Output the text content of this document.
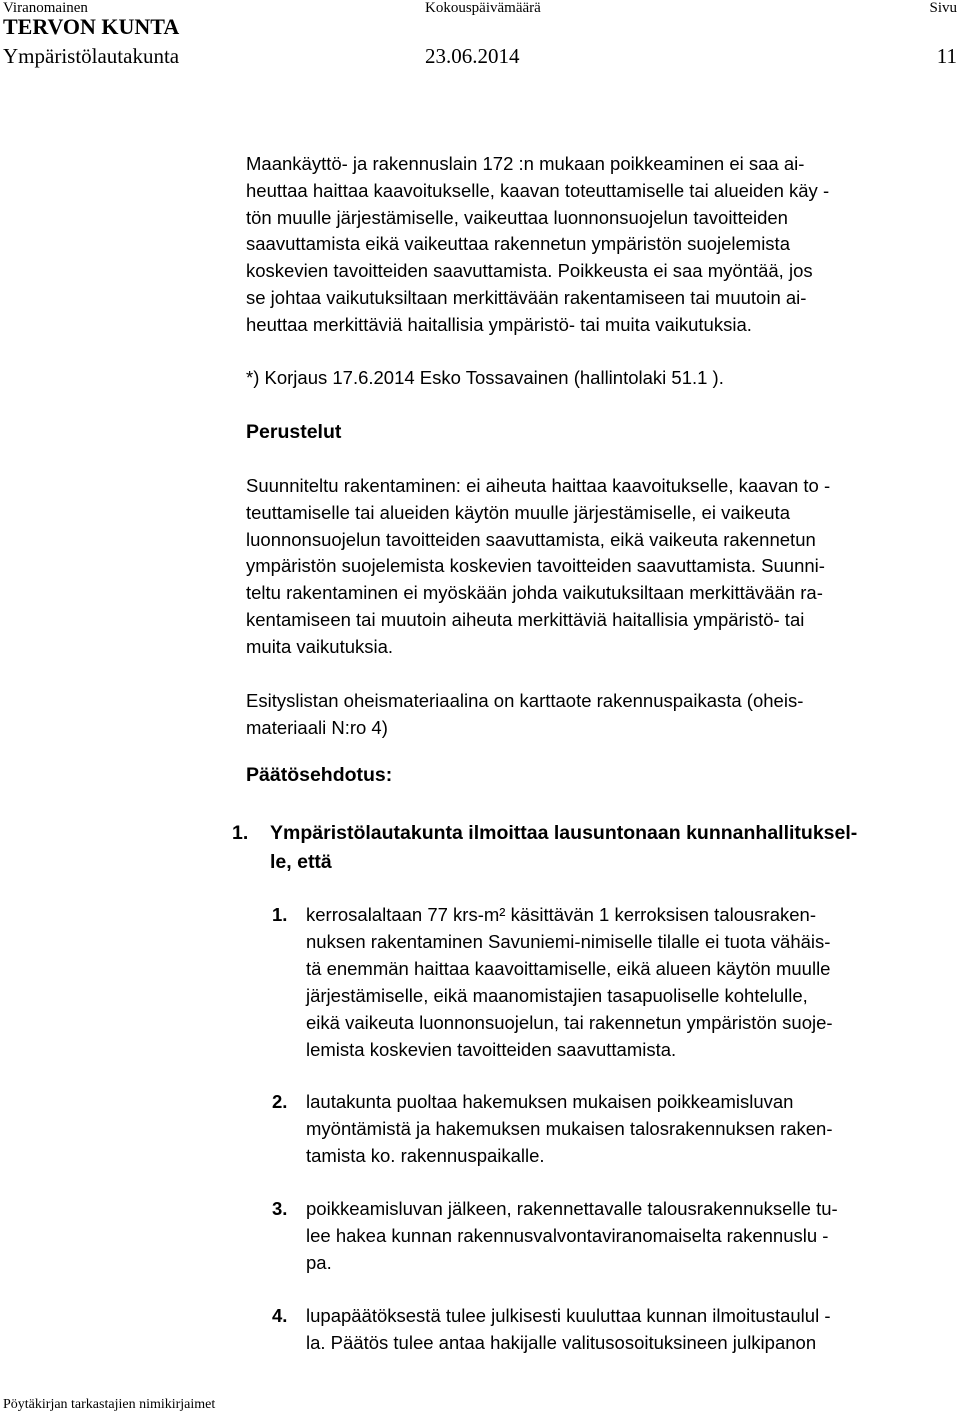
Viranomainen	Kokouspäivämäärä	Sivu
TERVON KUNTA
Ympäristölautakunta	23.06.2014	11

Maankäyttö- ja rakennuslain 172 :n mukaan poikkeaminen ei saa ai-
heuttaa haittaa kaavoitukselle, kaavan toteuttamiselle tai alueiden käy -
tön muulle järjestämiselle, vaikeuttaa luonnonsuojelun tavoitteiden
saavuttamista eikä vaikeuttaa rakennetun ympäristön suojelemista
koskevien tavoitteiden saavuttamista. Poikkeusta ei saa myöntää, jos
se johtaa vaikutuksiltaan merkittävään rakentamiseen tai muutoin ai-
heuttaa merkittäviä haitallisia ympäristö- tai muita vaikutuksia.

*) Korjaus 17.6.2014 Esko Tossavainen (hallintolaki 51.1 ).

Perustelut

Suunniteltu rakentaminen: ei aiheuta haittaa kaavoitukselle, kaavan to -
teuttamiselle tai alueiden käytön muulle järjestämiselle, ei vaikeuta
luonnonsuojelun tavoitteiden saavuttamista, eikä vaikeuta rakennetun
ympäristön suojelemista koskevien tavoitteiden saavuttamista. Suunni-
teltu rakentaminen ei myöskään johda vaikutuksiltaan merkittävään ra-
kentamiseen tai muutoin aiheuta merkittäviä haitallisia ympäristö- tai
muita vaikutuksia.

Esityslistan oheismateriaalina on karttaote rakennuspaikasta (oheis-
materiaali N:ro 4)

Päätösehdotus:

1. Ympäristölautakunta ilmoittaa lausuntonaan kunnanhallituksel-
le, että

1. kerrosalaltaan 77 krs-m² käsittävän 1 kerroksisen talousraken-
nuksen rakentaminen Savuniemi-nimiselle tilalle ei tuota vähäis-
tä enemmän haittaa kaavoittamiselle, eikä alueen käytön muulle
järjestämiselle, eikä maanomistajien tasapuoliselle kohtelulle,
eikä vaikeuta luonnonsuojelun, tai rakennetun ympäristön suoje-
lemista koskevien tavoitteiden saavuttamista.

2. lautakunta puoltaa hakemuksen mukaisen poikkeamisluvan
myöntämistä ja hakemuksen mukaisen talosrakennuksen raken-
tamista ko. rakennuspaikalle.

3. poikkeamisluvan jälkeen, rakennettavalle talousrakennukselle tu-
lee hakea kunnan rakennusvalvontaviranomaiselta rakennuslu -
pa.

4. lupapäätöksestä tulee julkisesti kuuluttaa kunnan ilmoitustaulul -
la. Päätös tulee antaa hakijalle valitusosoituksineen julkipanon

Pöytäkirjan tarkastajien nimikirjaimet
